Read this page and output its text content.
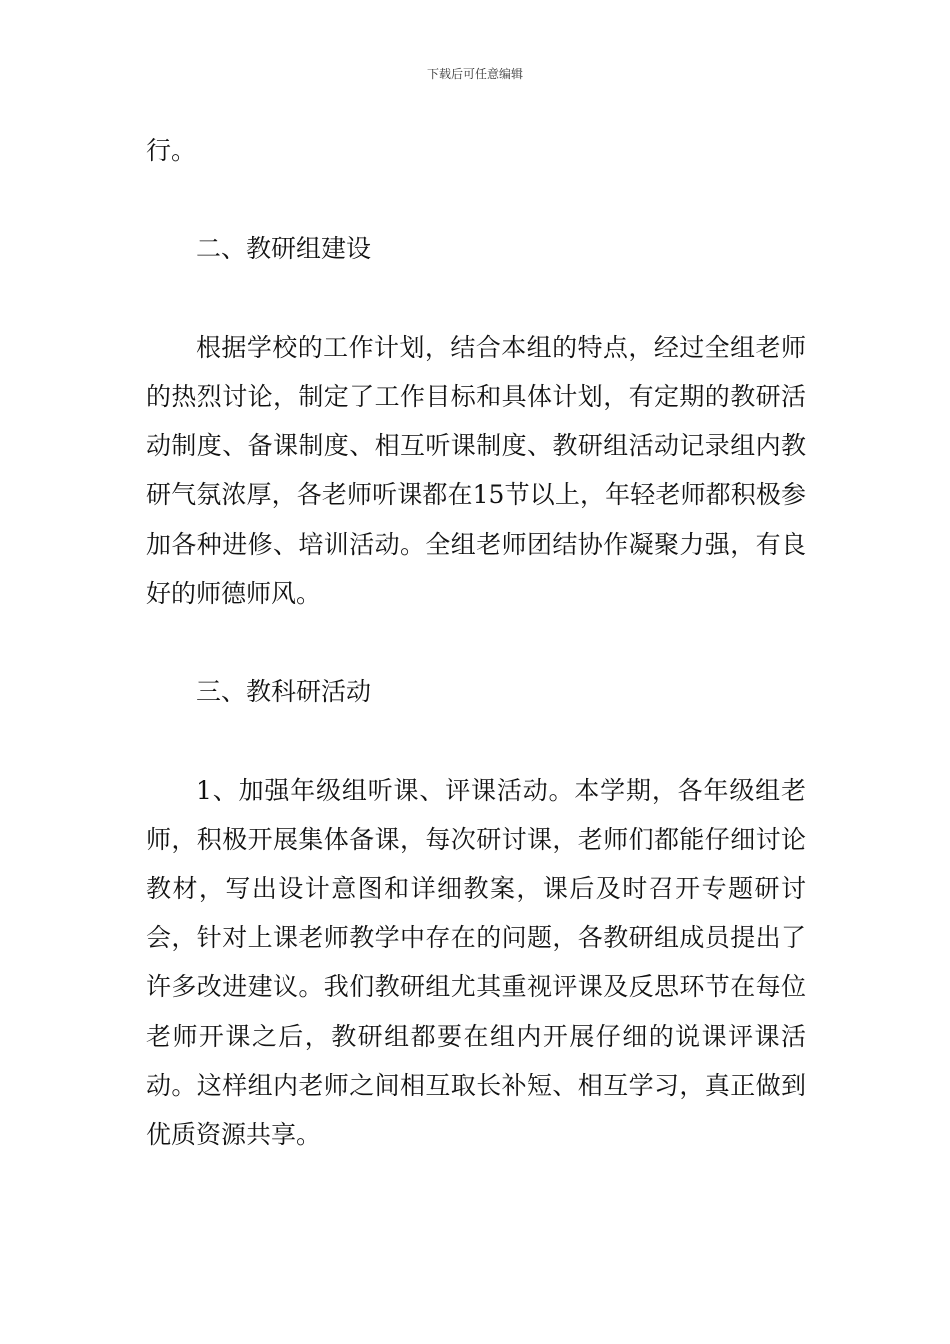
下载后可任意编辑

行。

二、教研组建设

根据学校的工作计划，结合本组的特点，经过全组老师的热烈讨论，制定了工作目标和具体计划，有定期的教研活动制度、备课制度、相互听课制度、教研组活动记录组内教研气氛浓厚，各老师听课都在15节以上，年轻老师都积极参加各种进修、培训活动。全组老师团结协作凝聚力强，有良好的师德师风。

三、教科研活动

1、加强年级组听课、评课活动。本学期，各年级组老师，积极开展集体备课，每次研讨课，老师们都能仔细讨论教材，写出设计意图和详细教案，课后及时召开专题研讨会，针对上课老师教学中存在的问题，各教研组成员提出了许多改进建议。我们教研组尤其重视评课及反思环节在每位老师开课之后，教研组都要在组内开展仔细的说课评课活动。这样组内老师之间相互取长补短、相互学习，真正做到优质资源共享。
